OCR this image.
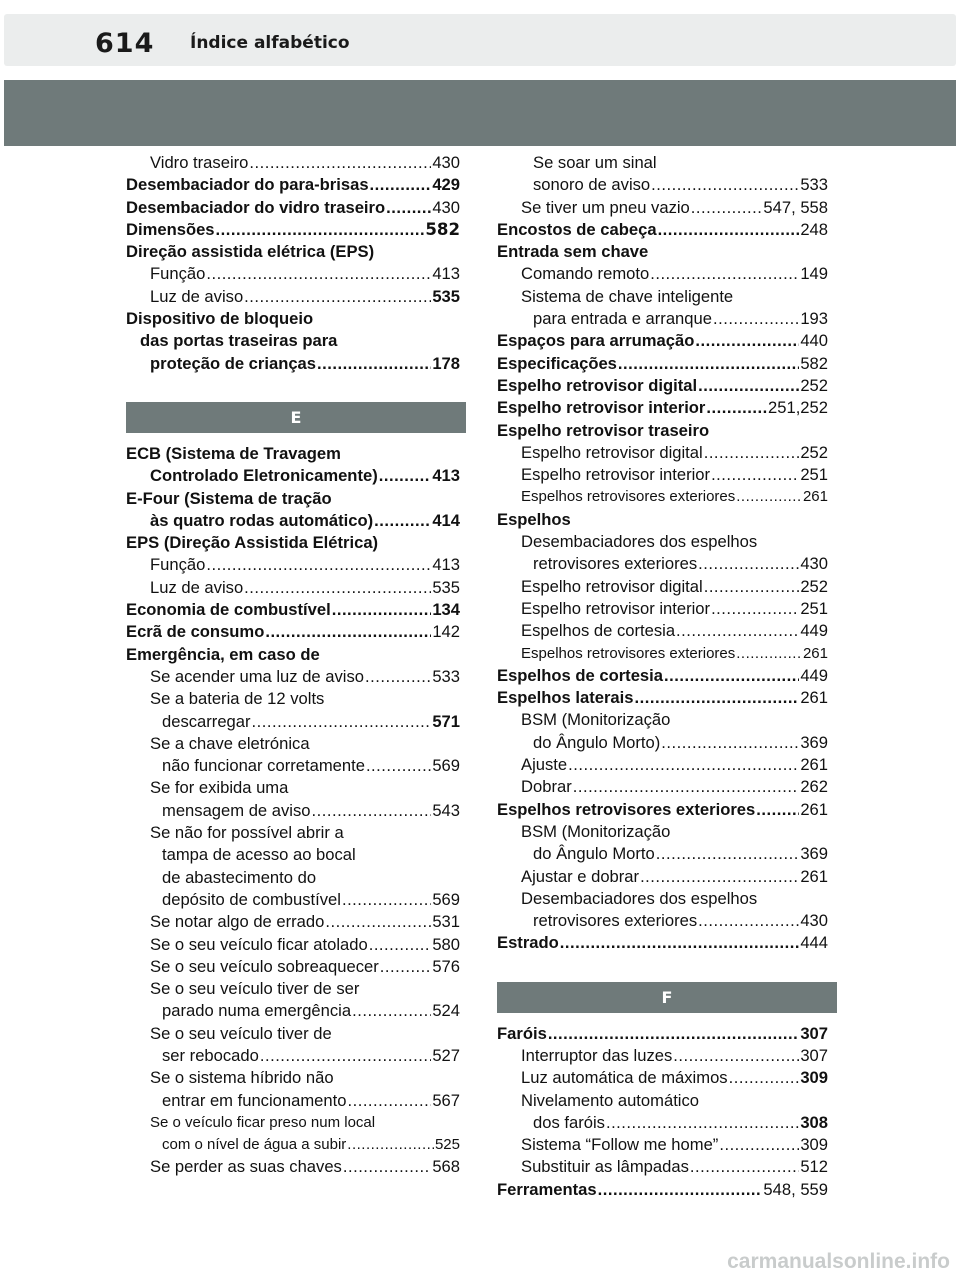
614 Índice alfabético
Vidro traseiro .....	430
Desembaciador do para-brisas .....	429
Desembaciador do vidro traseiro .....	430
Dimensões .....	582
Direção assistida elétrica (EPS)
Função .....	413
Luz de aviso .....	535
Dispositivo de bloqueio
das portas traseiras para
proteção de crianças .....	178
E
ECB (Sistema de Travagem
Controlado Eletronicamente) .....	413
E-Four (Sistema de tração
às quatro rodas automático) .....	414
EPS (Direção Assistida Elétrica)
Função .....	413
Luz de aviso .....	535
Economia de combustível .....	134
Ecrã de consumo .....	142
Emergência, em caso de
Se acender uma luz de aviso .....	533
Se a bateria de 12 volts
descarregar .....	571
Se a chave eletrónica
não funcionar corretamente .....	569
Se for exibida uma
mensagem de aviso .....	543
Se não for possível abrir a
tampa de acesso ao bocal
de abastecimento do
depósito de combustível .....	569
Se notar algo de errado .....	531
Se o seu veículo ficar atolado .....	580
Se o seu veículo sobreaquecer .....	576
Se o seu veículo tiver de ser
parado numa emergência .....	524
Se o seu veículo tiver de
ser rebocado .....	527
Se o sistema híbrido não
entrar em funcionamento .....	567
Se o veículo ficar preso num local
com o nível de água a subir .....	525
Se perder as suas chaves .....	568
Se soar um sinal
sonoro de aviso .....	533
Se tiver um pneu vazio .....	547, 558
Encostos de cabeça .....	248
Entrada sem chave
Comando remoto .....	149
Sistema de chave inteligente
para entrada e arranque .....	193
Espaços para arrumação .....	440
Especificações .....	582
Espelho retrovisor digital .....	252
Espelho retrovisor interior .....	251,252
Espelho retrovisor traseiro
Espelho retrovisor digital .....	252
Espelho retrovisor interior .....	251
Espelhos retrovisores exteriores .....	261
Espelhos
Desembaciadores dos espelhos
retrovisores exteriores .....	430
Espelho retrovisor digital .....	252
Espelho retrovisor interior .....	251
Espelhos de cortesia .....	449
Espelhos retrovisores exteriores .....	261
Espelhos de cortesia .....	449
Espelhos laterais .....	261
BSM (Monitorização
do Ângulo Morto) .....	369
Ajuste .....	261
Dobrar .....	262
Espelhos retrovisores exteriores .....	261
BSM (Monitorização
do Ângulo Morto .....	369
Ajustar e dobrar .....	261
Desembaciadores dos espelhos
retrovisores exteriores .....	430
Estrado .....	444
F
Faróis .....	307
Interruptor das luzes .....	307
Luz automática de máximos .....	309
Nivelamento automático
dos faróis .....	308
Sistema “Follow me home” .....	309
Substituir as lâmpadas .....	512
Ferramentas .....	548, 559
carmanualsonline.info
